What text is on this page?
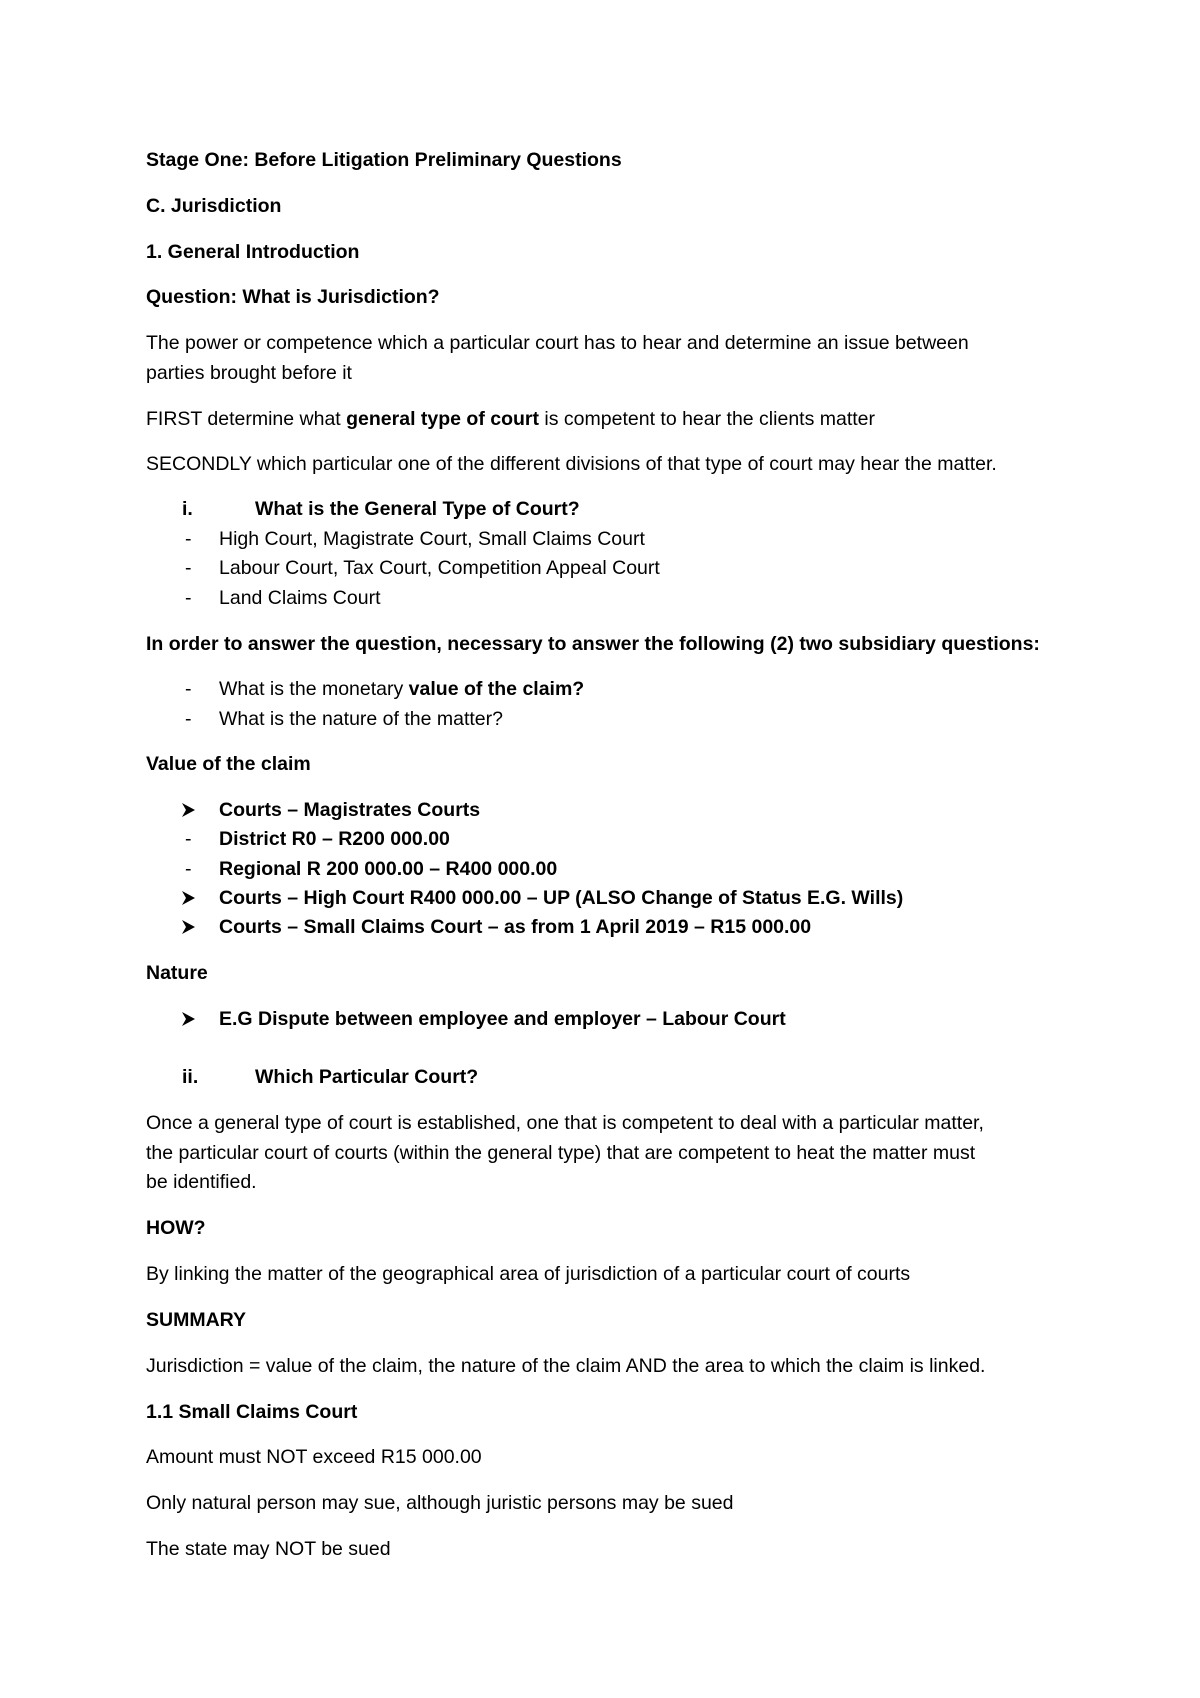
Stage One: Before Litigation Preliminary Questions
C. Jurisdiction
1. General Introduction
Question: What is Jurisdiction?
The power or competence which a particular court has to hear and determine an issue between
parties brought before it
FIRST determine what general type of court is competent to hear the clients matter
SECONDLY which particular one of the different divisions of that type of court may hear the matter.
i.	What is the General Type of Court?
- High Court, Magistrate Court, Small Claims Court
- Labour Court, Tax Court, Competition Appeal Court
- Land Claims Court
In order to answer the question, necessary to answer the following (2) two subsidiary questions:
- What is the monetary value of the claim?
- What is the nature of the matter?
Value of the claim
Courts – Magistrates Courts
- District R0 – R200 000.00
- Regional R 200 000.00 – R400 000.00
Courts – High Court R400 000.00 – UP (ALSO Change of Status E.G. Wills)
Courts – Small Claims Court – as from 1 April 2019 – R15 000.00
Nature
E.G Dispute between employee and employer – Labour Court
ii.	Which Particular Court?
Once a general type of court is established, one that is competent to deal with a particular matter,
the particular court of courts (within the general type) that are competent to heat the matter must
be identified.
HOW?
By linking the matter of the geographical area of jurisdiction of a particular court of courts
SUMMARY
Jurisdiction = value of the claim, the nature of the claim AND the area to which the claim is linked.
1.1 Small Claims Court
Amount must NOT exceed R15 000.00
Only natural person may sue, although juristic persons may be sued
The state may NOT be sued
